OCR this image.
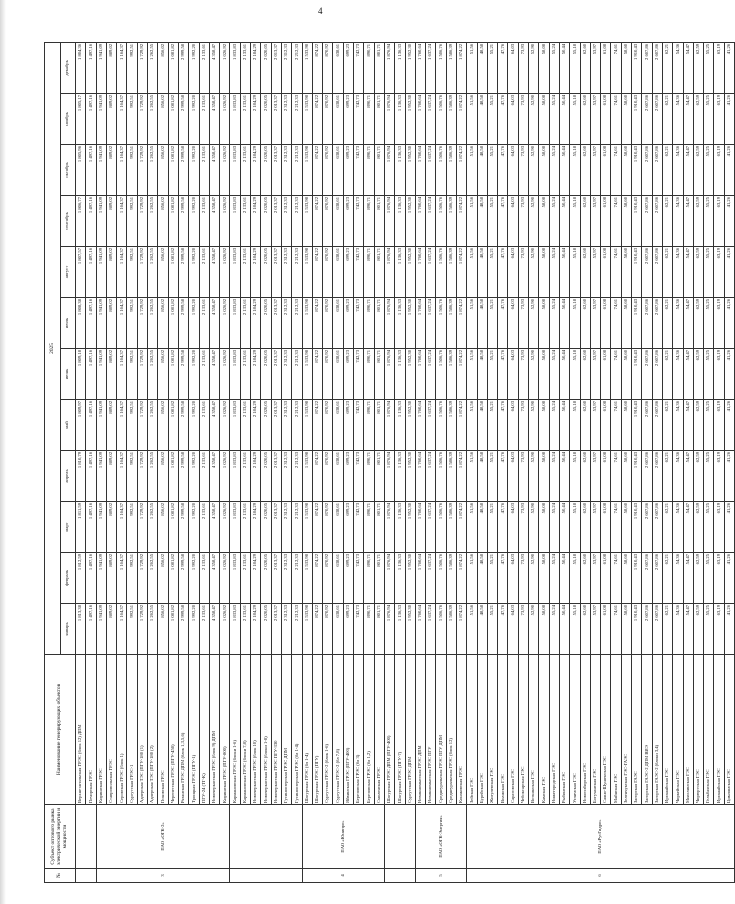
4
№	Субъект оптового рынка электрической энергии и мощности	Наименование генерирующих объектов	2025											
			январь	февраль	март	апрель	май	июнь	июль	август	сентябрь	октябрь	ноябрь	декабрь
		Верхнетагильская ГРЭС (блок 12) ДПМ	1 813,38	1 812,59	1 811,59	1 810,79	1 809,97	1 809,18	1 808,38	1 807,57	1 806,77	1 805,96	1 805,17	1 804,36
		Печорская ГРЭС	1 497,16	1 497,16	1 497,16	1 497,16	1 497,16	1 497,16	1 497,16	1 497,16	1 497,16	1 497,16	1 497,16	1 497,16
3	ПАО «ОГК-2»	Киришская ГРЭС	1 941,09	1 941,09	1 941,09	1 941,09	1 941,09	1 941,09	1 941,09	1 941,09	1 941,09	1 941,09	1 941,09	1 941,09
		Ставропольская ГРЭС	889,02	889,02	889,02	889,02	889,02	889,02	889,02	889,02	889,02	889,02	889,02	889,02
		Серовская ГРЭС (блок 1)	1 164,37	1 164,37	1 164,37	1 164,37	1 164,37	1 164,37	1 164,37	1 164,37	1 164,37	1 164,37	1 164,37	1 164,37
		Сургутская ГРЭС-1	992,51	992,51	992,51	992,51	992,51	992,51	992,51	992,51	992,51	992,51	992,51	992,51
		Адлерская ТЭС (ПГУ-180 (1)	1 729,92	1 729,92	1 729,92	1 729,92	1 729,92	1 729,92	1 729,92	1 729,92	1 729,92	1 729,92	1 729,92	1 729,92
		Адлерская ТЭС (ПГУ-180 (2)	1 262,55	1 262,55	1 262,55	1 262,55	1 262,55	1 262,55	1 262,55	1 262,55	1 262,55	1 262,55	1 262,55	1 262,55
		Псковская ГРЭС	856,02	856,02	856,02	856,02	856,02	856,02	856,02	856,02	856,02	856,02	856,02	856,02
		Черепетская ГРЭС (ПГУ-450)	1 081,82	1 081,82	1 081,82	1 081,82	1 081,82	1 081,82	1 081,82	1 081,82	1 081,82	1 081,82	1 081,82	1 081,82
		Рязанская ГРЭС ДПМ (блок 1,3,5,6)	2 999,58	2 999,58	2 999,58	2 999,58	2 999,58	2 999,58	2 999,58	2 999,58	2 999,58	2 999,58	2 999,58	2 999,58
		Троицкая ГРЭС (ПГУ-1)	1 992,20	1 992,20	1 992,20	1 992,20	1 992,20	1 992,20	1 992,20	1 992,20	1 992,20	1 992,20	1 992,20	1 992,20
		ПГУ-24 (ТГ-К)	2 133,61	2 133,61	2 133,61	2 133,61	2 133,61	2 133,61	2 133,61	2 133,61	2 133,61	2 133,61	2 133,61	2 133,61
		Новочеркасская ГРЭС (блок 9) ДПМ	4 358,47	4 358,47	4 358,47	4 358,47	4 358,47	4 358,47	4 358,47	4 358,47	4 358,47	4 358,47	4 358,47	4 358,47
		Киришская ГРЭС (ПГУ-800)	1 026,92	1 026,92	1 026,92	1 026,92	1 026,92	1 026,92	1 026,92	1 026,92	1 026,92	1 026,92	1 026,92	1 026,92
		Кармановская ГРЭС (блоки 1-6)	1 833,83	1 833,83	1 833,83	1 833,83	1 833,83	1 833,83	1 833,83	1 833,83	1 833,83	1 833,83	1 833,83	1 833,83
		Кармановская ГРЭС (блоки 7,8)	2 133,61	2 133,61	2 133,61	2 133,61	2 133,61	2 133,61	2 133,61	2 133,61	2 133,61	2 133,61	2 133,61	2 133,61
		Новочеркасская ГРЭС (блок 10)	2 184,29	2 184,29	2 184,29	2 184,29	2 184,29	2 184,29	2 184,29	2 184,29	2 184,29	2 184,29	2 184,29	2 184,29
		Новочеркасская ГРЭС (блоки 1-8)	2 020,05	2 020,05	2 020,05	2 020,05	2 020,05	2 020,05	2 020,05	2 020,05	2 020,05	2 020,05	2 020,05	2 020,05
		Новочеркасская ГРЭС ПГУ-330	2 013,37	2 013,37	2 013,37	2 013,37	2 013,37	2 013,37	2 013,37	2 013,37	2 013,37	2 013,37	2 013,37	2 013,37
		Гусиноозерская ГРЭС ДПМ	2 312,33	2 312,33	2 312,33	2 312,33	2 312,33	2 312,33	2 312,33	2 312,33	2 312,33	2 312,33	2 312,33	2 312,33
		Гусиноозерская ГРЭС (бл 1-4)	2 212,33	2 212,33	2 212,33	2 212,33	2 212,33	2 212,33	2 212,33	2 212,33	2 212,33	2 212,33	2 212,33	2 212,33
4	ПАО «Юнипро»	Шатурская ГРЭС (бл 1-4)	1 533,98	1 533,98	1 533,98	1 533,98	1 533,98	1 533,98	1 533,98	1 533,98	1 533,98	1 533,98	1 533,98	1 533,98
		Шатурская ГРЭС (ПГУ)	874,22	874,22	874,22	874,22	874,22	874,22	874,22	874,22	874,22	874,22	874,22	874,22
		Сургутская ГРЭС-2 (блок 1-6)	870,92	870,92	870,92	870,92	870,92	870,92	870,92	870,92	870,92	870,92	870,92	870,92
		Сургутская ГРЭС-2 (бл 7,8)	638,61	638,61	638,61	638,61	638,61	638,61	638,61	638,61	638,61	638,61	638,61	638,61
		Яйвинская ГРЭС (ПГУ-400)	699,23	699,23	699,23	699,23	699,23	699,23	699,23	699,23	699,23	699,23	699,23	699,23
		Березовская ГРЭС (бл 3)	742,73	742,73	742,73	742,73	742,73	742,73	742,73	742,73	742,73	742,73	742,73	742,73
		Березовская ГРЭС (бл 1,2)	890,71	890,71	890,71	890,71	890,71	890,71	890,71	890,71	890,71	890,71	890,71	890,71
		Смоленская ГРЭС	801,71	801,71	801,71	801,71	801,71	801,71	801,71	801,71	801,71	801,71	801,71	801,71
		Шатурская ГРЭС ДПМ (ПГУ-400)	1 876,94	1 876,94	1 876,94	1 876,94	1 876,94	1 876,94	1 876,94	1 876,94	1 876,94	1 876,94	1 876,94	1 876,94
		Шатурская ГРЭС (ПГУ-7)	1 136,33	1 136,33	1 136,33	1 136,33	1 136,33	1 136,33	1 136,33	1 136,33	1 136,33	1 136,33	1 136,33	1 136,33
		Сургутская ГРЭС ДПМ	1 952,30	1 952,30	1 952,30	1 952,30	1 952,30	1 952,30	1 952,30	1 952,30	1 952,30	1 952,30	1 952,30	1 952,30
5	ПАО «ОГК-Энергия»	Невинномысская ГРЭС ДПМ	1 760,64	1 760,64	1 760,64	1 760,64	1 760,64	1 760,64	1 760,64	1 760,64	1 760,64	1 760,64	1 760,64	1 760,64
		Невинномысская ГРЭС ПГУ	1 637,24	1 637,24	1 637,24	1 637,24	1 637,24	1 637,24	1 637,24	1 637,24	1 637,24	1 637,24	1 637,24	1 637,24
		Среднеуральская ГРЭС ПГУ ДПМ	1 506,76	1 506,76	1 506,76	1 506,76	1 506,76	1 506,76	1 506,76	1 506,76	1 506,76	1 506,76	1 506,76	1 506,76
		Среднеуральская ГРЭС (блок 12)	1 586,39	1 586,39	1 586,39	1 586,39	1 586,39	1 586,39	1 586,39	1 586,39	1 586,39	1 586,39	1 586,39	1 586,39
		Конаковская ГРЭС	1 874,22	1 874,22	1 874,22	1 874,22	1 874,22	1 874,22	1 874,22	1 874,22	1 874,22	1 874,22	1 874,22	1 874,22
6	ПАО «РусГидро»	Зейская ГЭС	51,56	51,56	51,56	51,56	51,56	51,56	51,56	51,56	51,56	51,56	51,56	51,56
		Бурейская ГЭС	48,58	48,58	48,58	48,58	48,58	48,58	48,58	48,58	48,58	48,58	48,58	48,58
		Жигулевская ГЭС	55,21	55,21	55,21	55,21	55,21	55,21	55,21	55,21	55,21	55,21	55,21	55,21
		Волжская ГЭС	47,76	47,76	47,76	47,76	47,76	47,76	47,76	47,76	47,76	47,76	47,76	47,76
		Саратовская ГЭС	64,03	64,03	64,03	64,03	64,03	64,03	64,03	64,03	64,03	64,03	64,03	64,03
		Чебоксарская ГЭС	73,93	73,93	73,93	73,93	73,93	73,93	73,93	73,93	73,93	73,93	73,93	73,93
		Воткинская ГЭС	52,90	52,90	52,90	52,90	52,90	52,90	52,90	52,90	52,90	52,90	52,90	52,90
		Камская ГЭС	58,08	58,08	58,08	58,08	58,08	58,08	58,08	58,08	58,08	58,08	58,08	58,08
		Нижегородская ГЭС	55,24	55,24	55,24	55,24	55,24	55,24	55,24	55,24	55,24	55,24	55,24	55,24
		Рыбинская ГЭС	50,44	50,44	50,44	50,44	50,44	50,44	50,44	50,44	50,44	50,44	50,44	50,44
		Угличская ГЭС	55,18	55,18	55,18	55,18	55,18	55,18	55,18	55,18	55,18	55,18	55,18	55,18
		Новосибирская ГЭС	62,60	62,60	62,60	62,60	62,60	62,60	62,60	62,60	62,60	62,60	62,60	62,60
		Богучанская ГЭС	53,97	53,97	53,97	53,97	53,97	53,97	53,97	53,97	53,97	53,97	53,97	53,97
		Саяно-Шушенская ГЭС	61,08	61,08	61,08	61,08	61,08	61,08	61,08	61,08	61,08	61,08	61,08	61,08
		Майнская ГЭС	74,61	74,61	74,61	74,61	74,61	74,61	74,61	74,61	74,61	74,61	74,61	74,61
		Зеленчукская ГЭС-ГАЭС	58,60	58,60	58,60	58,60	58,60	58,60	58,60	58,60	58,60	58,60	58,60	58,60
		Загорская ГАЭС	1 910,43	1 910,43	1 910,43	1 910,43	1 910,43	1 910,43	1 910,43	1 910,43	1 910,43	1 910,43	1 910,43	1 910,43
		Загорская ГАЭС-2 ДПМ ВИЭ	2 607,86	2 607,86	2 607,86	2 607,86	2 607,86	2 607,86	2 607,86	2 607,86	2 607,86	2 607,86	2 607,86	2 607,86
		Загорская ГАЭС-2 (блоки 3,4)	2 607,86	2 607,86	2 607,86	2 607,86	2 607,86	2 607,86	2 607,86	2 607,86	2 607,86	2 607,86	2 607,86	2 607,86
		Ирганайская ГЭС	62,21	62,21	62,21	62,21	62,21	62,21	62,21	62,21	62,21	62,21	62,21	62,21
		Чиркейская ГЭС	54,36	54,36	54,36	54,36	54,36	54,36	54,36	54,36	54,36	54,36	54,36	54,36
		Миатлинская ГЭС	54,47	54,47	54,47	54,47	54,47	54,47	54,47	54,47	54,47	54,47	54,47	54,47
		Чирюртская ГЭС	62,59	62,59	62,59	62,59	62,59	62,59	62,59	62,59	62,59	62,59	62,59	62,59
		Гельбахская ГЭС	55,25	55,25	55,25	55,25	55,25	55,25	55,25	55,25	55,25	55,25	55,25	55,25
		Ирганайская ГЭС	63,19	63,19	63,19	63,19	63,19	63,19	63,19	63,19	63,19	63,19	63,19	63,19
		Цимлянская ГЭС	41,26	41,26	41,26	41,26	41,26	41,26	41,26	41,26	41,26	41,26	41,26	41,26
